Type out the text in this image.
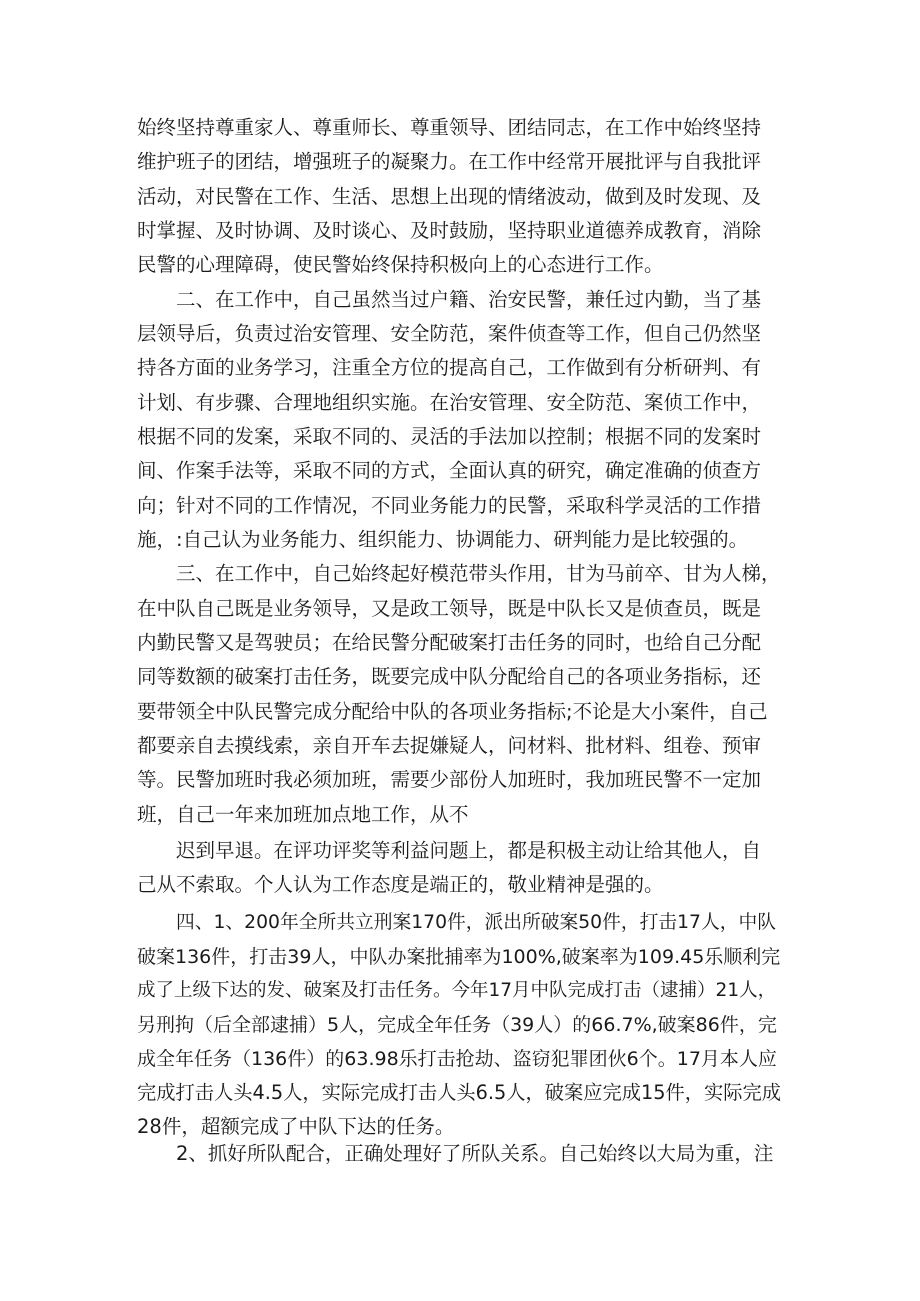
始终坚持尊重家人、尊重师长、尊重领导、团结同志，在工作中始终坚持
维护班子的团结，增强班子的凝聚力。在工作中经常开展批评与自我批评
活动，对民警在工作、生活、思想上出现的情绪波动，做到及时发现、及
时掌握、及时协调、及时谈心、及时鼓励，坚持职业道德养成教育，消除
民警的心理障碍，使民警始终保持积极向上的心态进行工作。
二、在工作中，自己虽然当过户籍、治安民警，兼任过内勤，当了基
层领导后，负责过治安管理、安全防范，案件侦查等工作，但自己仍然坚
持各方面的业务学习，注重全方位的提高自己，工作做到有分析研判、有
计划、有步骤、合理地组织实施。在治安管理、安全防范、案侦工作中，
根据不同的发案，采取不同的、灵活的手法加以控制；根据不同的发案时
间、作案手法等，采取不同的方式，全面认真的研究，确定准确的侦查方
向；针对不同的工作情况，不同业务能力的民警，采取科学灵活的工作措
施，:自己认为业务能力、组织能力、协调能力、研判能力是比较强的。
三、在工作中，自己始终起好模范带头作用，甘为马前卒、甘为人梯，
在中队自己既是业务领导，又是政工领导，既是中队长又是侦查员，既是
内勤民警又是驾驶员；在给民警分配破案打击任务的同时，也给自己分配
同等数额的破案打击任务，既要完成中队分配给自己的各项业务指标，还
要带领全中队民警完成分配给中队的各项业务指标;不论是大小案件，自己
都要亲自去摸线索，亲自开车去捉嫌疑人，问材料、批材料、组卷、预审
等。民警加班时我必须加班，需要少部份人加班时，我加班民警不一定加
班，自己一年来加班加点地工作，从不
迟到早退。在评功评奖等利益问题上，都是积极主动让给其他人，自
己从不索取。个人认为工作态度是端正的，敬业精神是强的。
四、1、200年全所共立刑案170件，派出所破案50件，打击17人，中队
破案136件，打击39人，中队办案批捕率为100%,破案率为109.45乐顺利完
成了上级下达的发、破案及打击任务。今年17月中队完成打击（逮捕）21人，
另刑拘（后全部逮捕）5人，完成全年任务（39人）的66.7%,破案86件，完
成全年任务（136件）的63.98乐打击抢劫、盗窃犯罪团伙6个。17月本人应
完成打击人头4.5人，实际完成打击人头6.5人，破案应完成15件，实际完成
28件，超额完成了中队下达的任务。
2、抓好所队配合，正确处理好了所队关系。自己始终以大局为重，注
